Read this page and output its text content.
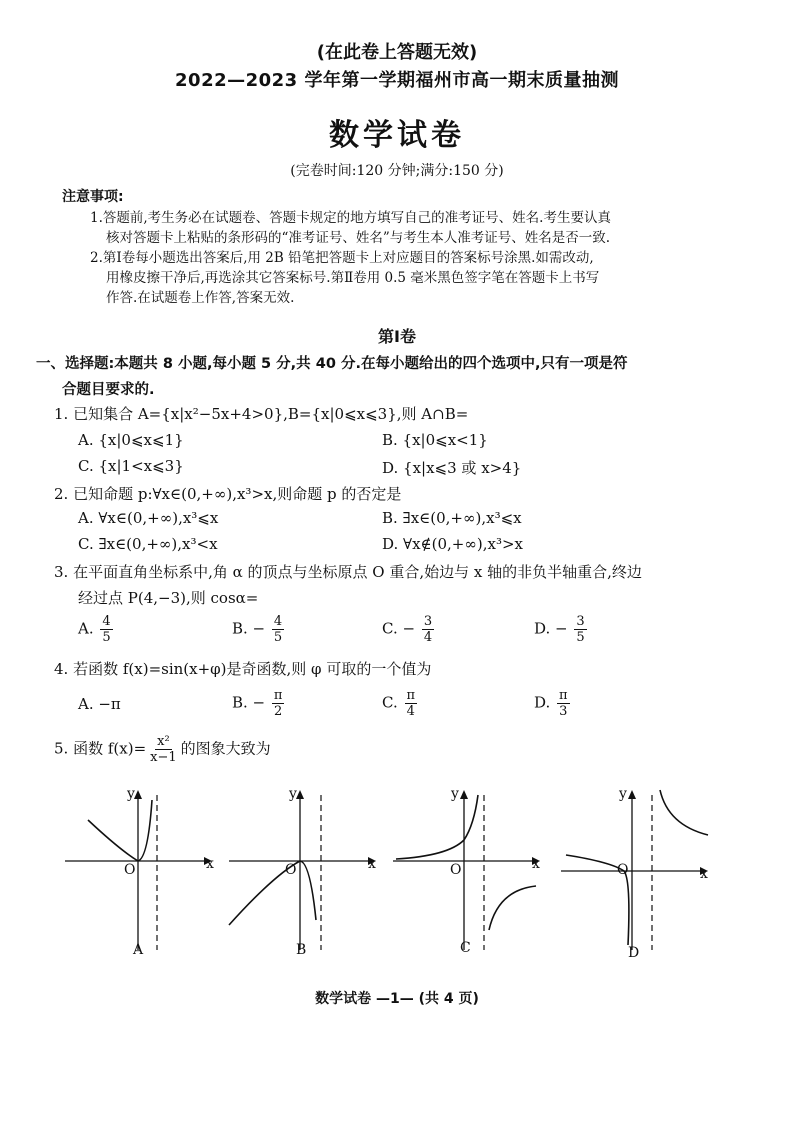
(在此卷上答题无效)
2022—2023 学年第一学期福州市高一期末质量抽测
数学试卷
(完卷时间:120 分钟;满分:150 分)
注意事项:
1.答题前,考生务必在试题卷、答题卡规定的地方填写自己的准考证号、姓名.考生要认真
核对答题卡上粘贴的条形码的“准考证号、姓名”与考生本人准考证号、姓名是否一致.
2.第Ⅰ卷每小题选出答案后,用 2B 铅笔把答题卡上对应题目的答案标号涂黑.如需改动,
用橡皮擦干净后,再选涂其它答案标号.第Ⅱ卷用 0.5 毫米黑色签字笔在答题卡上书写
作答.在试题卷上作答,答案无效.
第Ⅰ卷
一、选择题:本题共 8 小题,每小题 5 分,共 40 分.在每小题给出的四个选项中,只有一项是符
合题目要求的.
1. 已知集合 A={x|x²−5x+4>0},B={x|0⩽x⩽3},则 A∩B=
A. {x|0⩽x⩽1}	B. {x|0⩽x<1}
C. {x|1<x⩽3}	D. {x|x⩽3 或 x>4}
2. 已知命题 p:∀x∈(0,+∞),x³>x,则命题 p 的否定是
A. ∀x∈(0,+∞),x³⩽x	B. ∃x∈(0,+∞),x³⩽x
C. ∃x∈(0,+∞),x³<x	D. ∀x∉(0,+∞),x³>x
3. 在平面直角坐标系中,角 α 的顶点与坐标原点 O 重合,始边与 x 轴的非负半轴重合,终边
经过点 P(4,−3),则 cosα=
A. $\frac{4}{5}$	B. − $\frac{4}{5}$	C. − $\frac{3}{4}$	D. − $\frac{3}{5}$
4. 若函数 f(x)=sin(x+φ)是奇函数,则 φ 可取的一个值为
A. −π	B. − $\frac{\pi}{2}$	C. $\frac{\pi}{4}$	D. $\frac{\pi}{3}$
5. 函数 $f(x)= \frac{\text{x²}}{x-1}$ 的图象大致为
y
x
O
A
y
x
O
B
y
x
O
C
y
x
O
D
数学试卷 —1— (共 4 页)
